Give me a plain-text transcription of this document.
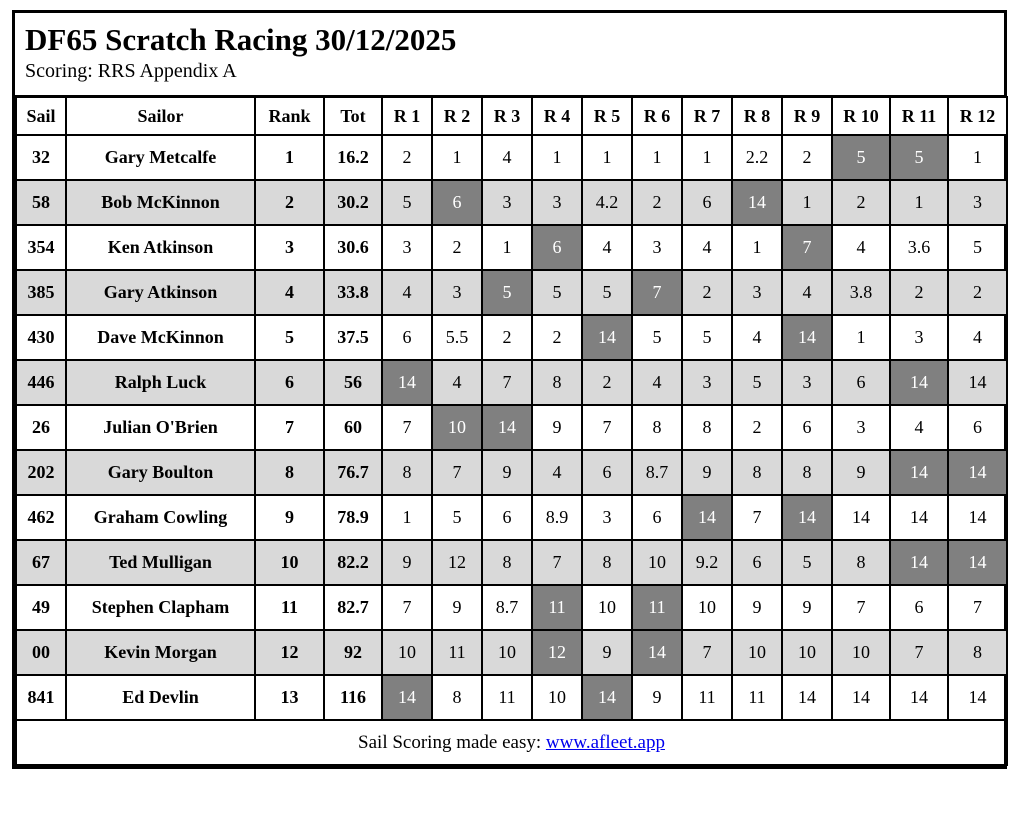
DF65 Scratch Racing 30/12/2025
Scoring: RRS Appendix A
Sail	Sailor	Rank	Tot	R 1	R 2	R 3	R 4	R 5	R 6	R 7	R 8	R 9	R 10	R 11	R 12
32	Gary Metcalfe	1	16.2	2	1	4	1	1	1	1	2.2	2	5	5	1
58	Bob McKinnon	2	30.2	5	6	3	3	4.2	2	6	14	1	2	1	3
354	Ken Atkinson	3	30.6	3	2	1	6	4	3	4	1	7	4	3.6	5
385	Gary Atkinson	4	33.8	4	3	5	5	5	7	2	3	4	3.8	2	2
430	Dave McKinnon	5	37.5	6	5.5	2	2	14	5	5	4	14	1	3	4
446	Ralph Luck	6	56	14	4	7	8	2	4	3	5	3	6	14	14
26	Julian O'Brien	7	60	7	10	14	9	7	8	8	2	6	3	4	6
202	Gary Boulton	8	76.7	8	7	9	4	6	8.7	9	8	8	9	14	14
462	Graham Cowling	9	78.9	1	5	6	8.9	3	6	14	7	14	14	14	14
67	Ted Mulligan	10	82.2	9	12	8	7	8	10	9.2	6	5	8	14	14
49	Stephen Clapham	11	82.7	7	9	8.7	11	10	11	10	9	9	7	6	7
00	Kevin Morgan	12	92	10	11	10	12	9	14	7	10	10	10	7	8
841	Ed Devlin	13	116	14	8	11	10	14	9	11	11	14	14	14	14
Sail Scoring made easy: www.afleet.app															
